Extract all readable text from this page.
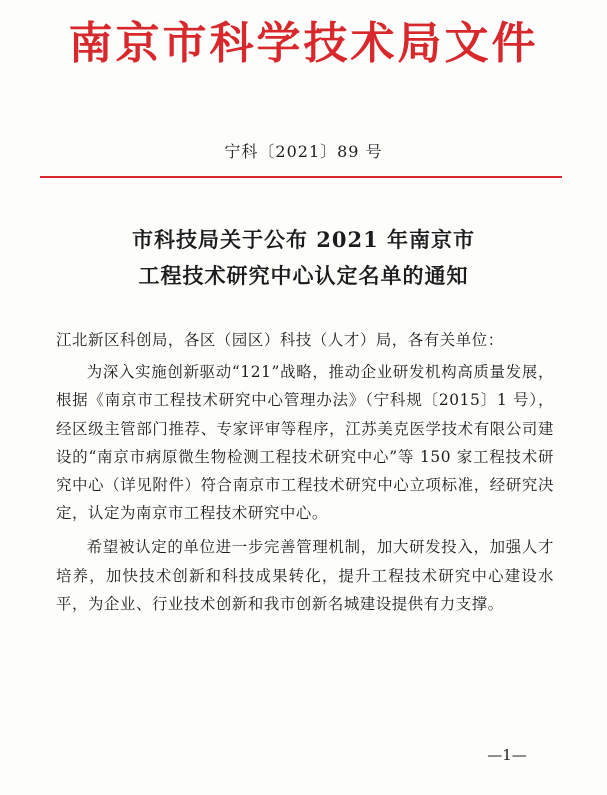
南京市科学技术局文件
宁科〔2021〕89 号
市科技局关于公布 2021 年南京市
工程技术研究中心认定名单的通知

江北新区科创局，各区（园区）科技（人才）局，各有关单位：

为深入实施创新驱动“121”战略，推动企业研发机构高质量发展，根据《南京市工程技术研究中心管理办法》（宁科规〔2015〕1 号），经区级主管部门推荐、专家评审等程序，江苏美克医学技术有限公司建设的“南京市病原微生物检测工程技术研究中心”等 150 家工程技术研究中心（详见附件）符合南京市工程技术研究中心立项标准，经研究决定，认定为南京市工程技术研究中心。

希望被认定的单位进一步完善管理机制，加大研发投入，加强人才培养，加快技术创新和科技成果转化，提升工程技术研究中心建设水平，为企业、行业技术创新和我市创新名城建设提供有力支撑。

—1—
